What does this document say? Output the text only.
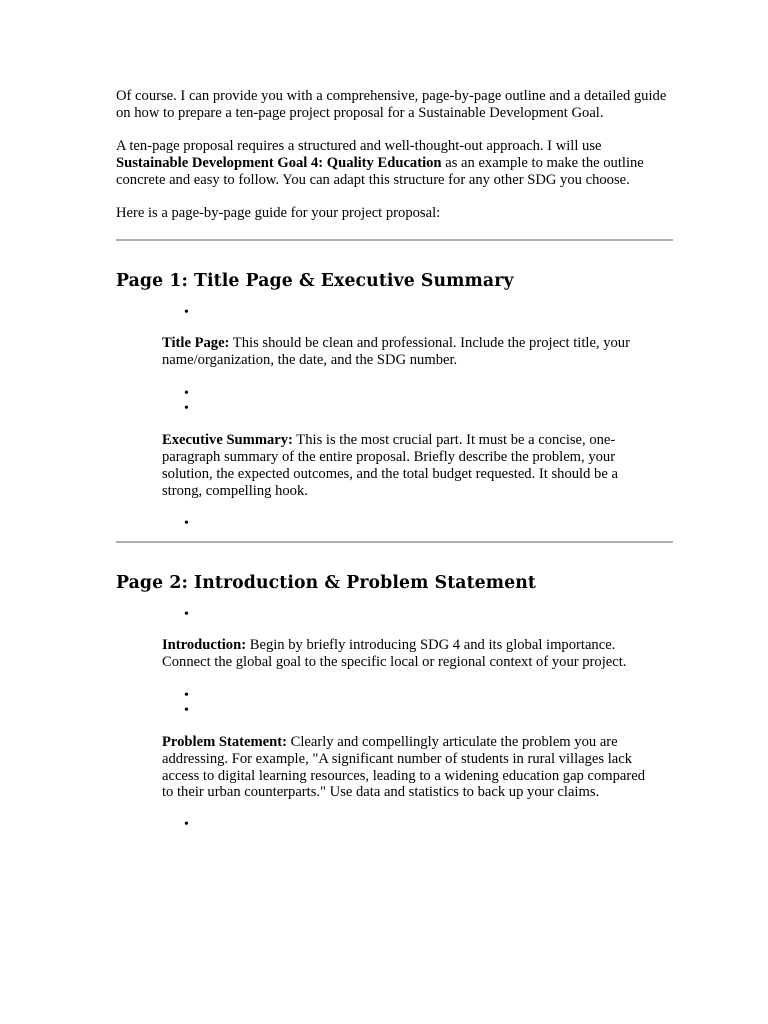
Of course. I can provide you with a comprehensive, page-by-page outline and a detailed guide on how to prepare a ten-page project proposal for a Sustainable Development Goal.

A ten-page proposal requires a structured and well-thought-out approach. I will use Sustainable Development Goal 4: Quality Education as an example to make the outline concrete and easy to follow. You can adapt this structure for any other SDG you choose.

Here is a page-by-page guide for your project proposal:

Page 1: Title Page & Executive Summary
•

Title Page: This should be clean and professional. Include the project title, your name/organization, the date, and the SDG number.

•
•

Executive Summary: This is the most crucial part. It must be a concise, one-paragraph summary of the entire proposal. Briefly describe the problem, your solution, the expected outcomes, and the total budget requested. It should be a strong, compelling hook.

•
Page 2: Introduction & Problem Statement
•

Introduction: Begin by briefly introducing SDG 4 and its global importance. Connect the global goal to the specific local or regional context of your project.

•
•

Problem Statement: Clearly and compellingly articulate the problem you are addressing. For example, "A significant number of students in rural villages lack access to digital learning resources, leading to a widening education gap compared to their urban counterparts." Use data and statistics to back up your claims.

•
